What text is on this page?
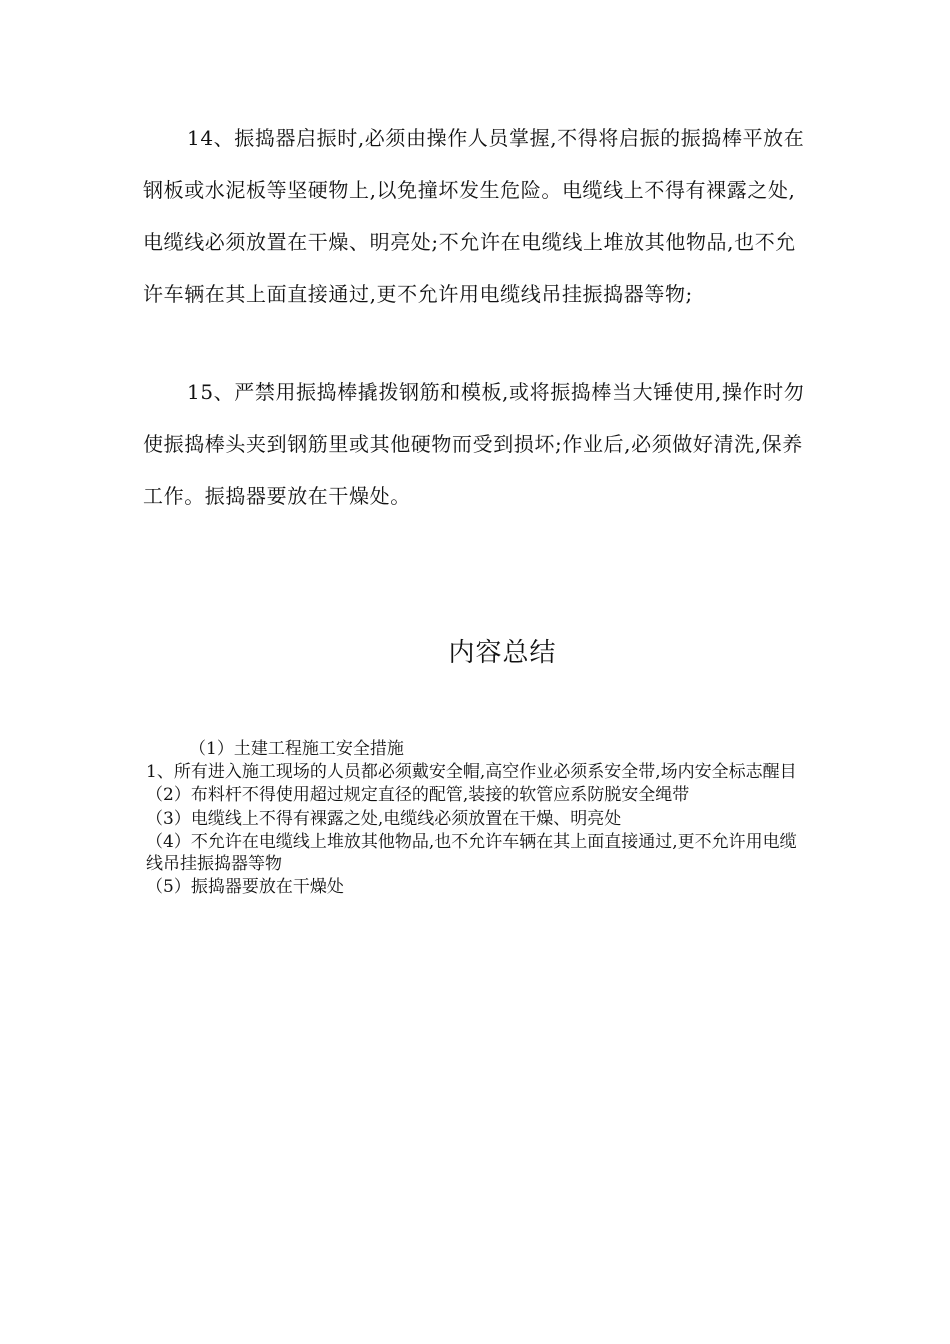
14、振捣器启振时,必须由操作人员掌握,不得将启振的振捣棒平放在钢板或水泥板等坚硬物上,以免撞坏发生危险。电缆线上不得有裸露之处,电缆线必须放置在干燥、明亮处;不允许在电缆线上堆放其他物品,也不允许车辆在其上面直接通过,更不允许用电缆线吊挂振捣器等物;

15、严禁用振捣棒撬拨钢筋和模板,或将振捣棒当大锤使用,操作时勿使振捣棒头夹到钢筋里或其他硬物而受到损坏;作业后,必须做好清洗,保养工作。振捣器要放在干燥处。

内容总结
（1）土建工程施工安全措施
1、所有进入施工现场的人员都必须戴安全帽,高空作业必须系安全带,场内安全标志醒目
（2）布料杆不得使用超过规定直径的配管,装接的软管应系防脱安全绳带
（3）电缆线上不得有裸露之处,电缆线必须放置在干燥、明亮处
（4）不允许在电缆线上堆放其他物品,也不允许车辆在其上面直接通过,更不允许用电缆线吊挂振捣器等物
（5）振捣器要放在干燥处
